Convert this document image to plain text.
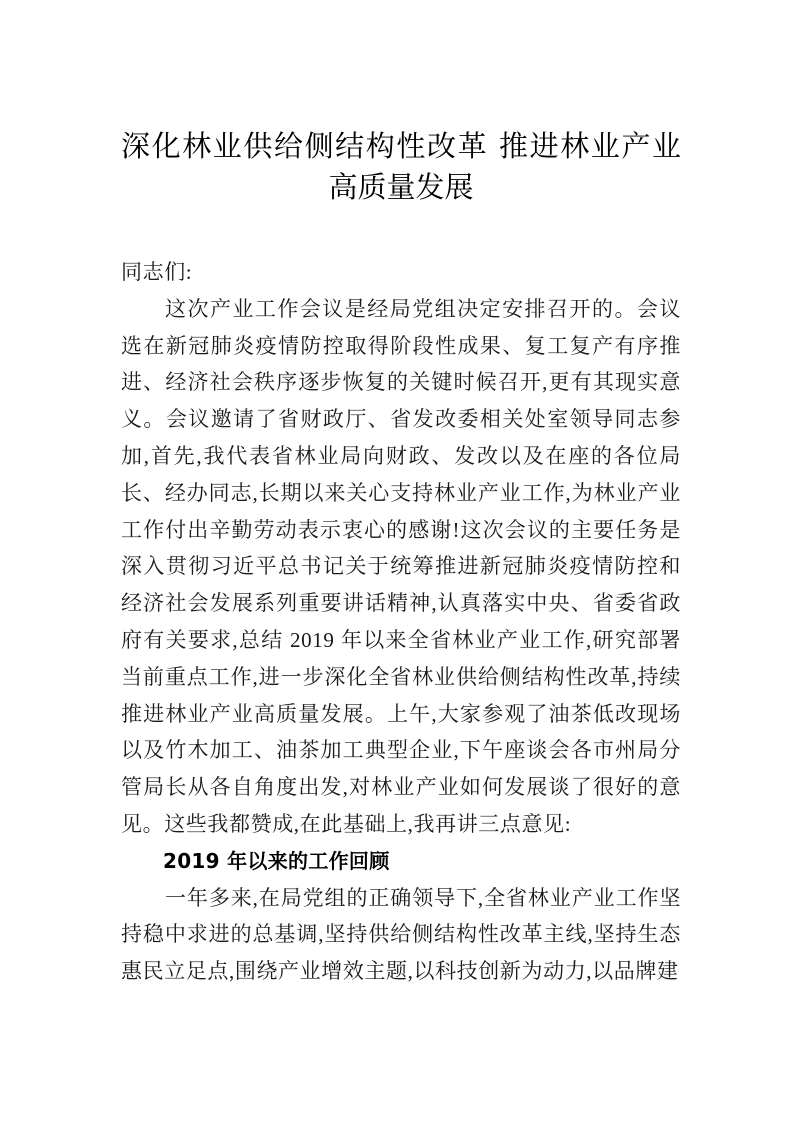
深化林业供给侧结构性改革 推进林业产业
高质量发展

同志们:

这次产业工作会议是经局党组决定安排召开的。会议选在新冠肺炎疫情防控取得阶段性成果、复工复产有序推进、经济社会秩序逐步恢复的关键时候召开,更有其现实意义。会议邀请了省财政厅、省发改委相关处室领导同志参加,首先,我代表省林业局向财政、发改以及在座的各位局长、经办同志,长期以来关心支持林业产业工作,为林业产业工作付出辛勤劳动表示衷心的感谢!这次会议的主要任务是深入贯彻习近平总书记关于统筹推进新冠肺炎疫情防控和经济社会发展系列重要讲话精神,认真落实中央、省委省政府有关要求,总结 2019 年以来全省林业产业工作,研究部署当前重点工作,进一步深化全省林业供给侧结构性改革,持续推进林业产业高质量发展。上午,大家参观了油茶低改现场以及竹木加工、油茶加工典型企业,下午座谈会各市州局分管局长从各自角度出发,对林业产业如何发展谈了很好的意见。这些我都赞成,在此基础上,我再讲三点意见:

2019 年以来的工作回顾

一年多来,在局党组的正确领导下,全省林业产业工作坚持稳中求进的总基调,坚持供给侧结构性改革主线,坚持生态惠民立足点,围绕产业增效主题,以科技创新为动力,以品牌建
